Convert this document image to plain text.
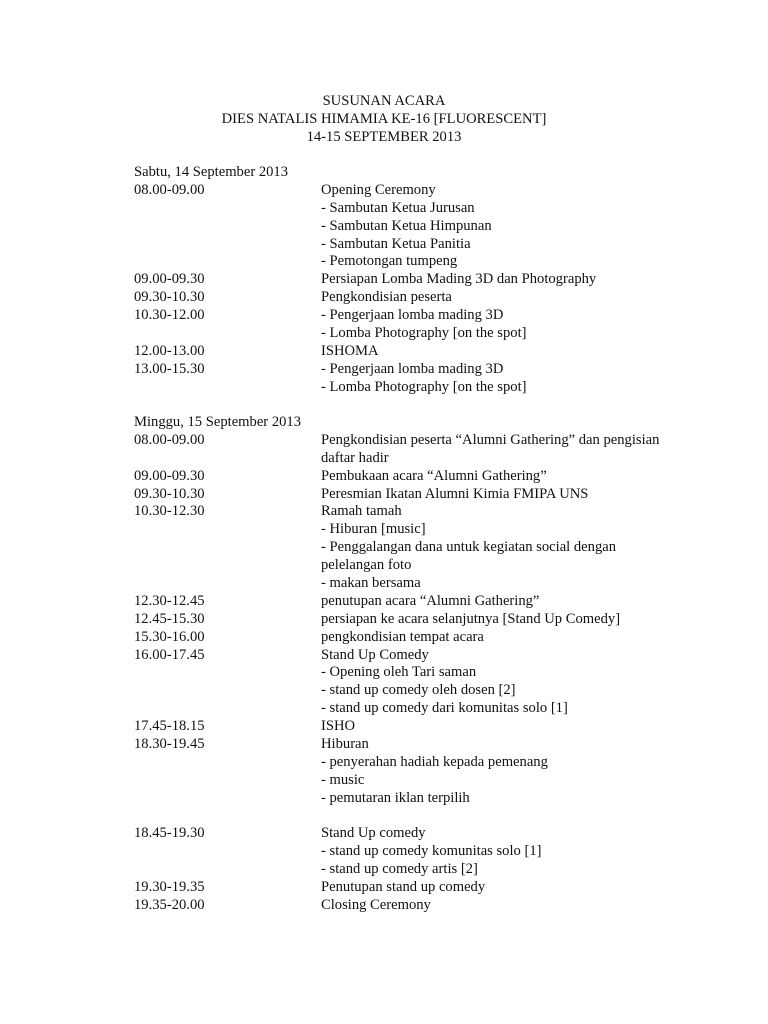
SUSUNAN ACARA
DIES NATALIS HIMAMIA KE-16 [FLUORESCENT]
14-15 SEPTEMBER 2013
Sabtu, 14 September 2013
08.00-09.00	Opening Ceremony
- Sambutan Ketua Jurusan
- Sambutan Ketua Himpunan
- Sambutan Ketua Panitia
- Pemotongan tumpeng
09.00-09.30	Persiapan Lomba Mading 3D dan Photography
09.30-10.30	Pengkondisian peserta
10.30-12.00	- Pengerjaan lomba mading 3D
- Lomba Photography [on the spot]
12.00-13.00	ISHOMA
13.00-15.30	- Pengerjaan lomba mading 3D
- Lomba Photography [on the spot]
Minggu, 15 September 2013
08.00-09.00	Pengkondisian peserta “Alumni Gathering” dan pengisian
daftar hadir
09.00-09.30	Pembukaan acara “Alumni Gathering”
09.30-10.30	Peresmian Ikatan Alumni Kimia FMIPA UNS
10.30-12.30	Ramah tamah
- Hiburan [music]
- Penggalangan dana untuk kegiatan social dengan
pelelangan foto
- makan bersama
12.30-12.45	penutupan acara “Alumni Gathering”
12.45-15.30	persiapan ke acara selanjutnya [Stand Up Comedy]
15.30-16.00	pengkondisian tempat acara
16.00-17.45	Stand Up Comedy
- Opening oleh Tari saman
- stand up comedy oleh dosen [2]
- stand up comedy dari komunitas solo [1]
17.45-18.15	ISHO
18.30-19.45	Hiburan
- penyerahan hadiah kepada pemenang
- music
- pemutaran iklan terpilih
18.45-19.30	Stand Up comedy
- stand up comedy komunitas solo [1]
- stand up comedy artis [2]
19.30-19.35	Penutupan stand up comedy
19.35-20.00	Closing Ceremony
